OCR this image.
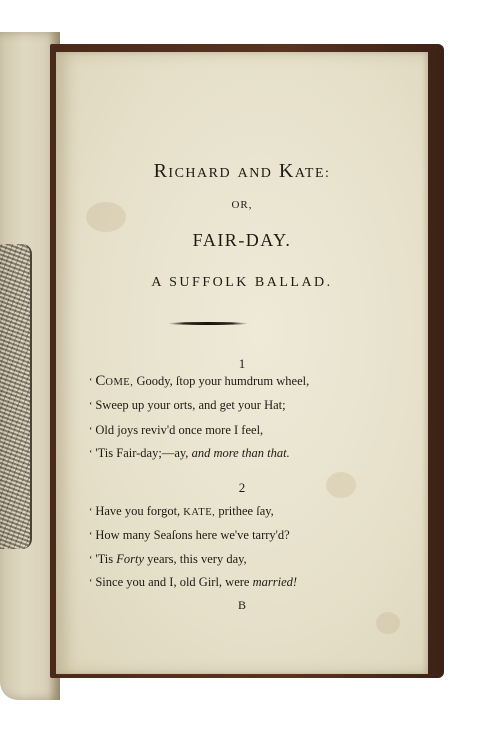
RICHARD AND KATE:
OR,
FAIR-DAY.
A SUFFOLK BALLAD.
1
‘ COME, Goody, ſtop your humdrum wheel,
‘ Sweep up your orts, and get your Hat;
‘ Old joys reviv'd once more I feel,
‘ 'Tis Fair-day;—ay, and more than that.
2
‘ Have you forgot, KATE, prithee ſay,
‘ How many Seaſons here we've tarry'd?
‘ 'Tis Forty years, this very day,
‘ Since you and I, old Girl, were married!
B
